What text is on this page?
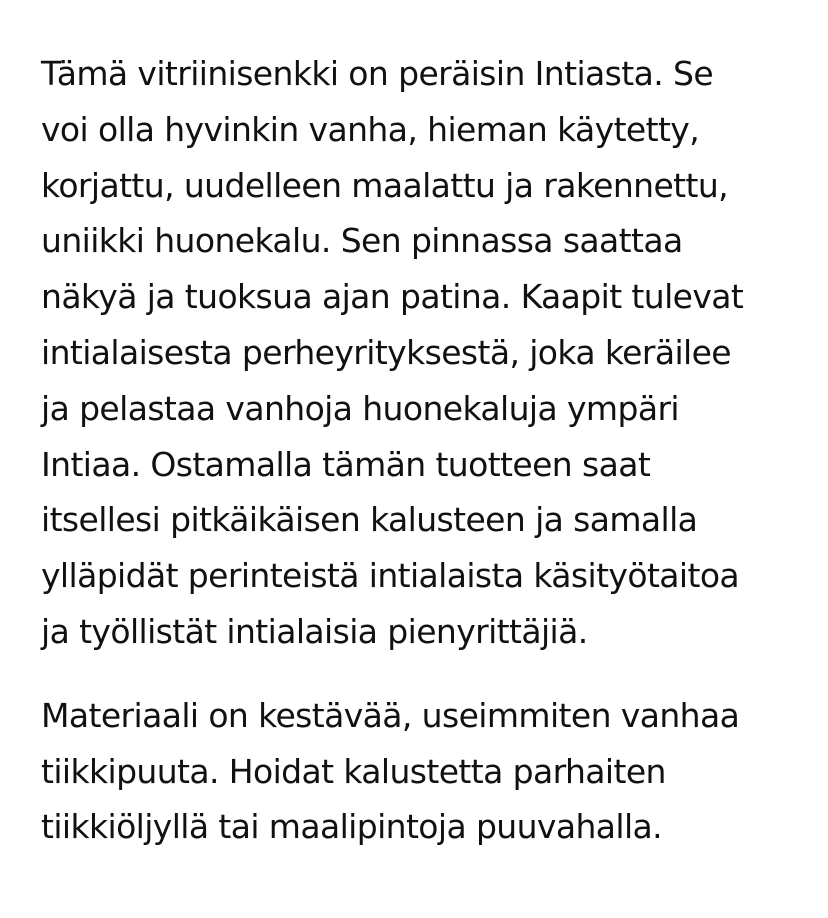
Tämä vitriinisenkki on peräisin Intiasta. Se
voi olla hyvinkin vanha, hieman käytetty,
korjattu, uudelleen maalattu ja rakennettu,
uniikki huonekalu. Sen pinnassa saattaa
näkyä ja tuoksua ajan patina. Kaapit tulevat
intialaisesta perheyrityksestä, joka keräilee
ja pelastaa vanhoja huonekaluja ympäri
Intiaa. Ostamalla tämän tuotteen saat
itsellesi pitkäikäisen kalusteen ja samalla
ylläpidät perinteistä intialaista käsityötaitoa
ja työllistät intialaisia pienyrittäjiä.

Materiaali on kestävää, useimmiten vanhaa
tiikkipuuta. Hoidat kalustetta parhaiten
tiikkiöljyllä tai maalipintoja puuvahalla.
